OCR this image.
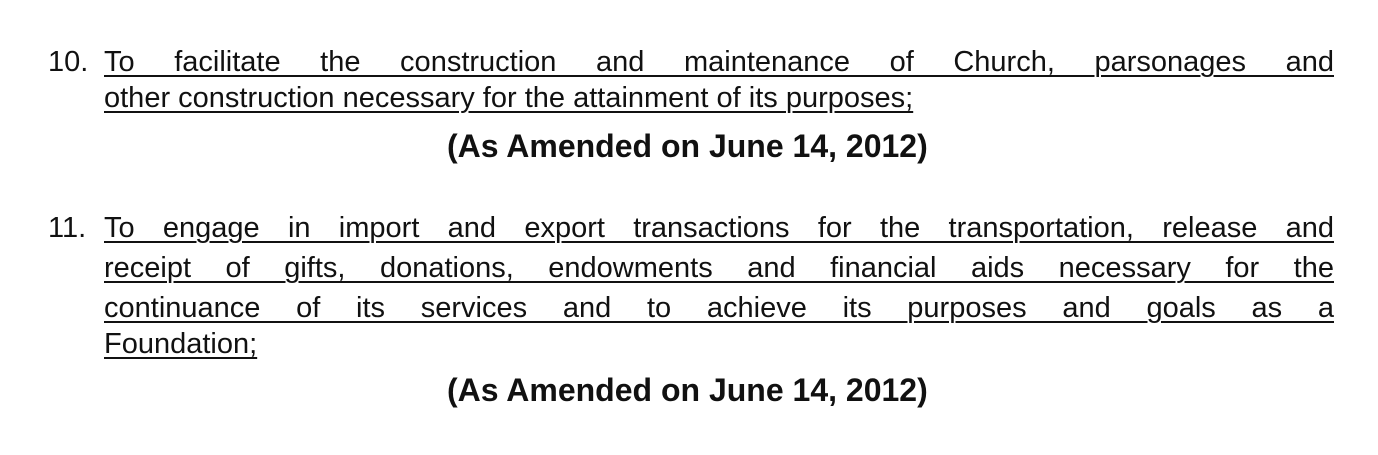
10. To facilitate the construction and maintenance of Church, parsonages and
other construction necessary for the attainment of its purposes;
(As Amended on June 14, 2012)
11. To engage in import and export transactions for the transportation, release and
receipt of gifts, donations, endowments and financial aids necessary for the
continuance of its services and to achieve its purposes and goals as a
Foundation;
(As Amended on June 14, 2012)
